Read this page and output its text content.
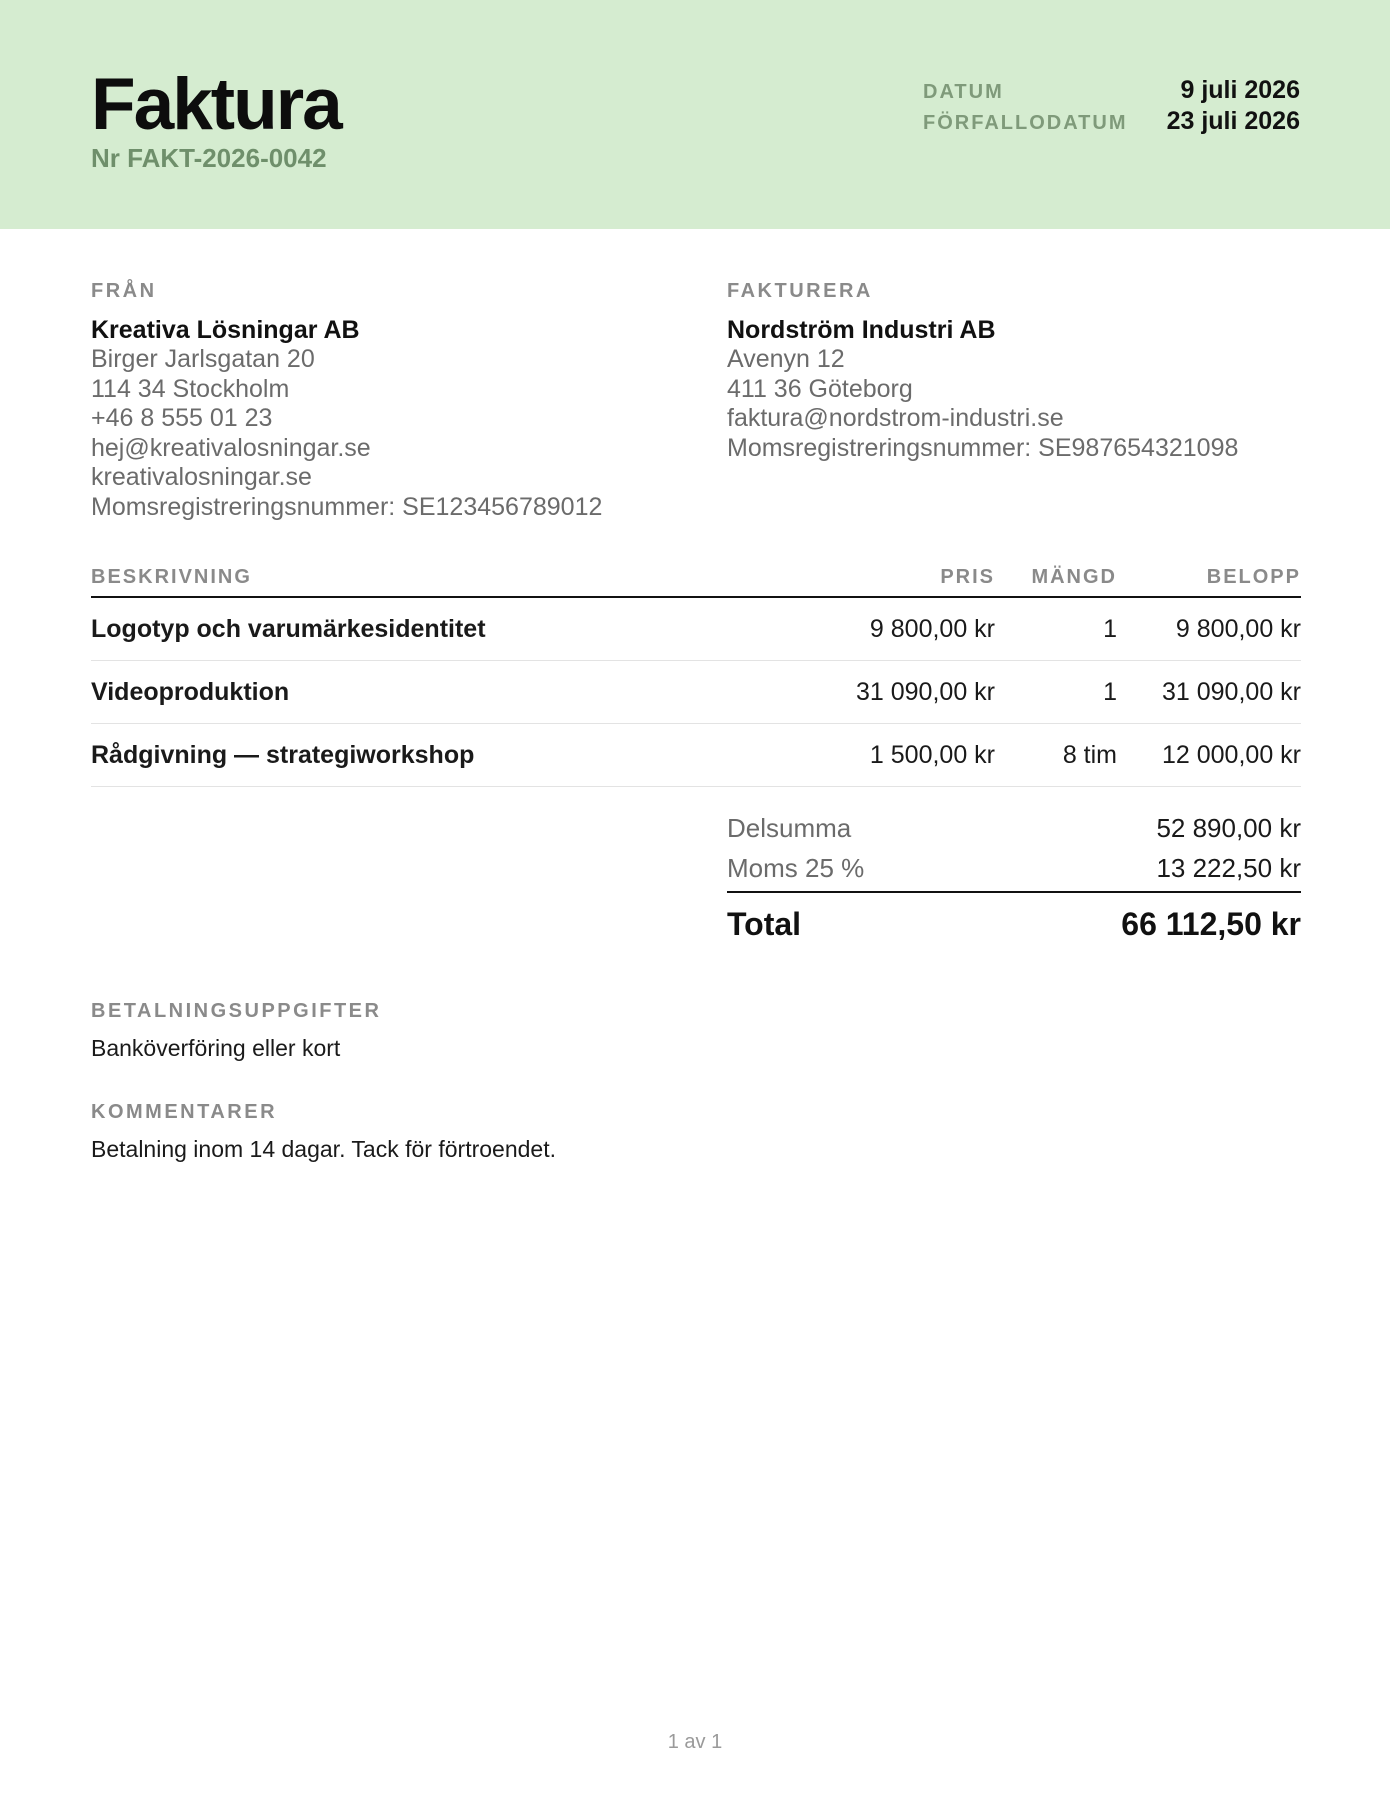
Faktura
Nr FAKT-2026-0042
DATUM	9 juli 2026
FÖRFALLODATUM 23 juli 2026
FRÅN
Kreativa Lösningar AB
Birger Jarlsgatan 20
114 34 Stockholm
+46 8 555 01 23
hej@kreativalosningar.se
kreativalosningar.se
Momsregistreringsnummer: SE123456789012
FAKTURERA
Nordström Industri AB
Avenyn 12
411 36 Göteborg
faktura@nordstrom-industri.se
Momsregistreringsnummer: SE987654321098
BESKRIVNING	PRIS	MÄNGD	BELOPP
Logotyp och varumärkesidentitet	9 800,00 kr	1	9 800,00 kr
Videoproduktion	31 090,00 kr	1	31 090,00 kr
Rådgivning — strategiworkshop	1 500,00 kr	8 tim	12 000,00 kr
Delsumma	52 890,00 kr
Moms 25 %	13 222,50 kr
Total	66 112,50 kr
BETALNINGSUPPGIFTER
Banköverföring eller kort
KOMMENTARER
Betalning inom 14 dagar. Tack för förtroendet.
1 av 1
